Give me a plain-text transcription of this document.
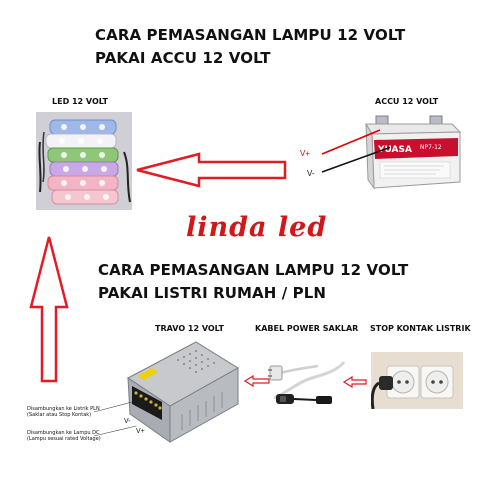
CARA PEMASANGAN LAMPU 12 VOLT
PAKAI ACCU 12 VOLT
LED 12 VOLT	ACCU 12 VOLT
YUASA NP7-12
V+
V-
linda led
CARA PEMASANGAN LAMPU 12 VOLT
PAKAI LISTRI RUMAH / PLN
TRAVO 12 VOLT	KABEL POWER SAKLAR STOP KONTAK LISTRIK
Disambungkan ke Listrik PLN
(Saklar atau Stop Kontak)
Disambungkan ke Lampu DC
(Lampu sesuai rated Voltage)
V-
V+
